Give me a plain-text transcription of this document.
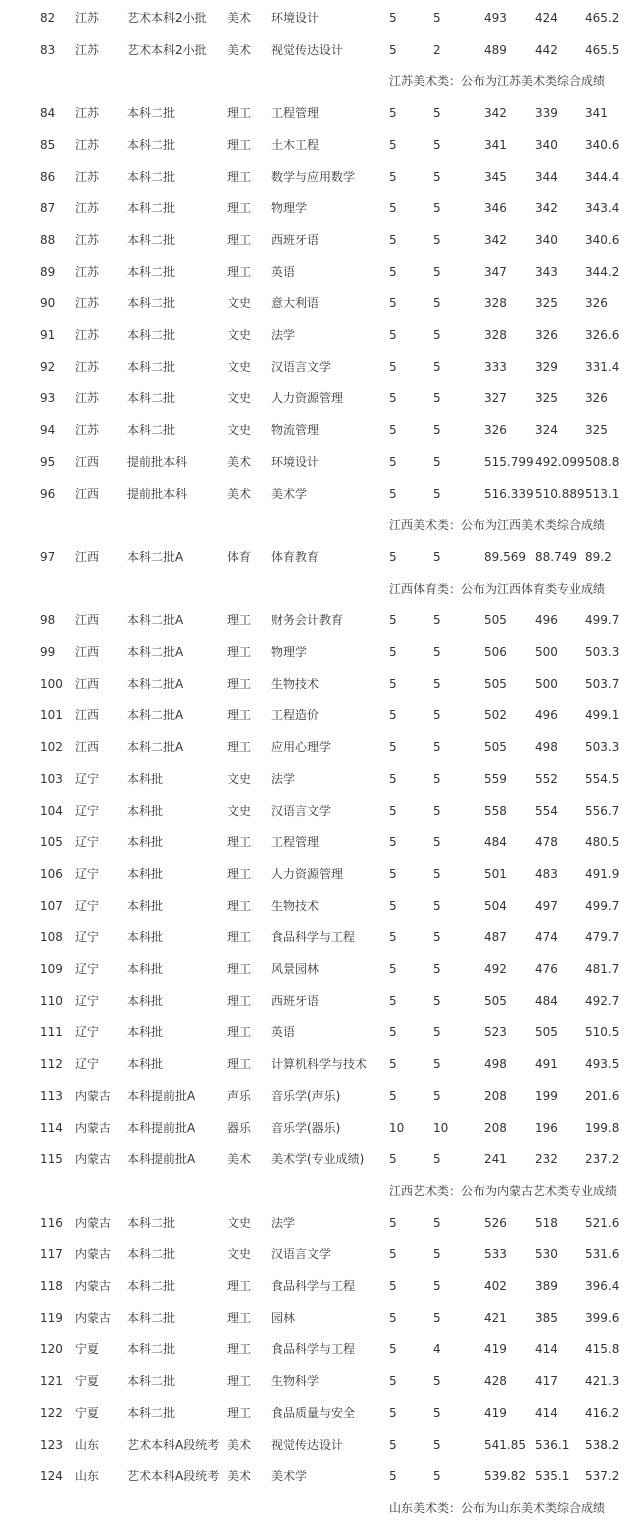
82 江苏 艺术本科2小批 美术 环境设计	5	5	493 424 465.2
83 江苏 艺术本科2小批 美术 视觉传达设计	5	2	489 442 465.5
江苏美术类：公布为江苏美术类综合成绩
84 江苏 本科二批	理工 工程管理	5	5	342 339 341
85 江苏 本科二批	理工 土木工程	5	5	341 340 340.6
86 江苏 本科二批	理工 数学与应用数学	5	5	345 344 344.4
87 江苏 本科二批	理工 物理学	5	5	346 342 343.4
88 江苏 本科二批	理工 西班牙语	5	5	342 340 340.6
89 江苏 本科二批	理工 英语	5	5	347 343 344.2
90 江苏 本科二批	文史 意大利语	5	5	328 325 326
91 江苏 本科二批	文史 法学	5	5	328 326 326.6
92 江苏 本科二批	文史 汉语言文学	5	5	333 329 331.4
93 江苏 本科二批	文史 人力资源管理	5	5	327 325 326
94 江苏 本科二批	文史 物流管理	5	5	326 324 325
95 江西 提前批本科	美术 环境设计	5	5	515.799 492.099 508.8
96 江西 提前批本科	美术 美术学	5	5	516.339 510.889 513.1
江西美术类：公布为江西美术类综合成绩
97 江西 本科二批A	体育 体育教育	5	5	89.569 88.749 89.2
江西体育类：公布为江西体育类专业成绩
98 江西 本科二批A	理工 财务会计教育	5	5	505 496 499.7
99 江西 本科二批A	理工 物理学	5	5	506 500 503.3
100 江西 本科二批A	理工 生物技术	5	5	505 500 503.7
101 江西 本科二批A	理工 工程造价	5	5	502 496 499.1
102 江西 本科二批A	理工 应用心理学	5	5	505 498 503.3
103 辽宁 本科批	文史 法学	5	5	559 552 554.5
104 辽宁 本科批	文史 汉语言文学	5	5	558 554 556.7
105 辽宁 本科批	理工 工程管理	5	5	484 478 480.5
106 辽宁 本科批	理工 人力资源管理	5	5	501 483 491.9
107 辽宁 本科批	理工 生物技术	5	5	504 497 499.7
108 辽宁 本科批	理工 食品科学与工程	5	5	487 474 479.7
109 辽宁 本科批	理工 风景园林	5	5	492 476 481.7
110 辽宁 本科批	理工 西班牙语	5	5	505 484 492.7
111 辽宁 本科批	理工 英语	5	5	523 505 510.5
112 辽宁 本科批	理工 计算机科学与技术 5	5	498 491 493.5
113 内蒙古 本科提前批A	声乐 音乐学(声乐)	5	5	208 199 201.6
114 内蒙古 本科提前批A	器乐 音乐学(器乐)	10 10	208 196 199.8
115 内蒙古 本科提前批A	美术 美术学(专业成绩) 5	5	241 232 237.2
江西艺术类：公布为内蒙古艺术类专业成绩
116 内蒙古 本科二批	文史 法学	5	5	526 518 521.6
117 内蒙古 本科二批	文史 汉语言文学	5	5	533 530 531.6
118 内蒙古 本科二批	理工 食品科学与工程	5	5	402 389 396.4
119 内蒙古 本科二批	理工 园林	5	5	421 385 399.6
120 宁夏 本科二批	理工 食品科学与工程	5	4	419 414 415.8
121 宁夏 本科二批	理工 生物科学	5	5	428 417 421.3
122 宁夏 本科二批	理工 食品质量与安全	5	5	419 414 416.2
123 山东 艺术本科A段统考 美术 视觉传达设计	5	5	541.85 536.1 538.2
124 山东 艺术本科A段统考 美术 美术学	5	5	539.82 535.1 537.2
山东美术类：公布为山东美术类综合成绩
